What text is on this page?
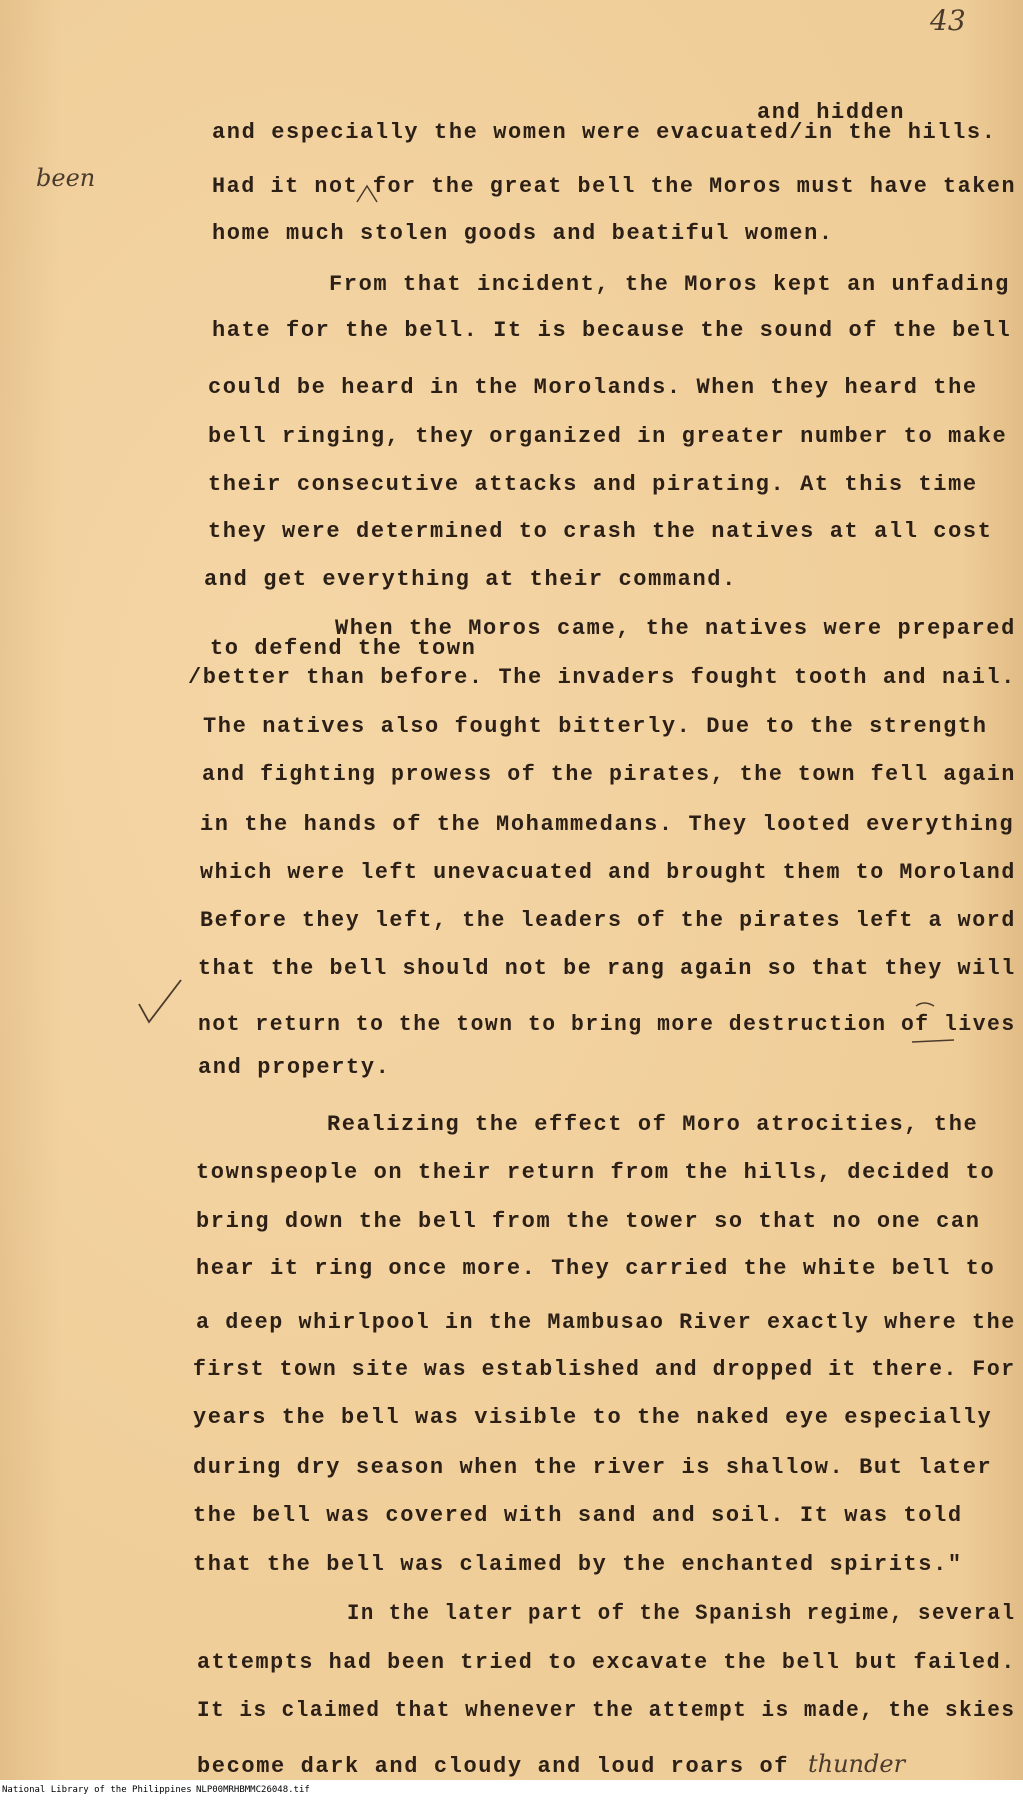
43
been
and hidden
to defend the town
thunder
and especially the women were evacuated/in the hills.
Had it not for the great bell the Moros must have taken
home much stolen goods and beatiful women.
From that incident, the Moros kept an unfading
hate for the bell. It is because the sound of the bell
could be heard in the Morolands. When they heard the
bell ringing, they organized in greater number to make
their consecutive attacks and pirating. At this time
they were determined to crash the natives at all cost
and get everything at their command.
When the Moros came, the natives were prepared
/better than before. The invaders fought tooth and nail.
The natives also fought bitterly. Due to the strength
and fighting prowess of the pirates, the town fell again
in the hands of the Mohammedans. They looted everything
which were left unevacuated and brought them to Moroland
Before they left, the leaders of the pirates left a word
that the bell should not be rang again so that they will
not return to the town to bring more destruction of lives
and property.
Realizing the effect of Moro atrocities, the
townspeople on their return from the hills, decided to
bring down the bell from the tower so that no one can
hear it ring once more. They carried the white bell to
a deep whirlpool in the Mambusao River exactly where the
first town site was established and dropped it there. For
years the bell was visible to the naked eye especially
during dry season when the river is shallow. But later
the bell was covered with sand and soil. It was told
that the bell was claimed by the enchanted spirits."
In the later part of the Spanish regime, several
attempts had been tried to excavate the bell but failed.
It is claimed that whenever the attempt is made, the skies
become dark and cloudy and loud roars of
National Library of the Philippines NLP00MRHBMMC26048.tif
